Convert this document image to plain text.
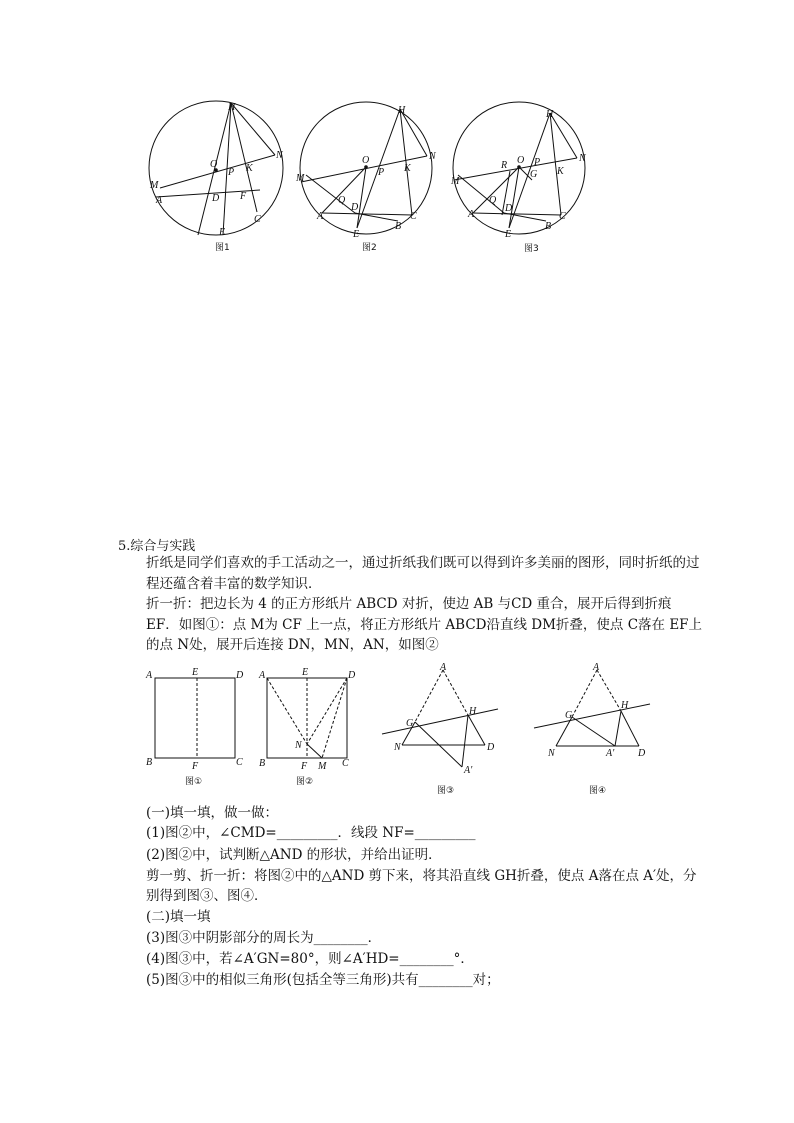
H
N
O
P K
M
A	D F
E
C
图1
H
N
O
P K
M
Q
D
A
E
B
C
图2
H
N
R O P
G K
M
Q
D
A
E
B
C
图3
5.综合与实践
折纸是同学们喜欢的手工活动之一，通过折纸我们既可以得到许多美丽的图形，同时折纸的过程还蕴含着丰富的数学知识．
折一折：把边长为 4 的正方形纸片 ABCD 对折，使边 AB 与CD 重合，展开后得到折痕 EF．如图①：点 M为 CF 上一点，将正方形纸片 ABCD沿直线 DM折叠，使点 C落在 EF上的点 N处，展开后连接 DN，MN，AN，如图②
A	E	D
B	F	C
图①
A	E	D
N
B	F M C
图②
A
G
H
N	D
A'
图③
A
G
H
N	A' D
图④
(一)填一填，做一做：
(1)图②中，∠CMD=_________．线段 NF=_________
(2)图②中，试判断△AND 的形状，并给出证明．
剪一剪、折一折：将图②中的△AND 剪下来，将其沿直线 GH折叠，使点 A落在点 A′处，分别得到图③、图④．
(二)填一填
(3)图③中阴影部分的周长为________．
(4)图③中，若∠A′GN=80°，则∠A′HD=________°．
(5)图③中的相似三角形(包括全等三角形)共有________对；
